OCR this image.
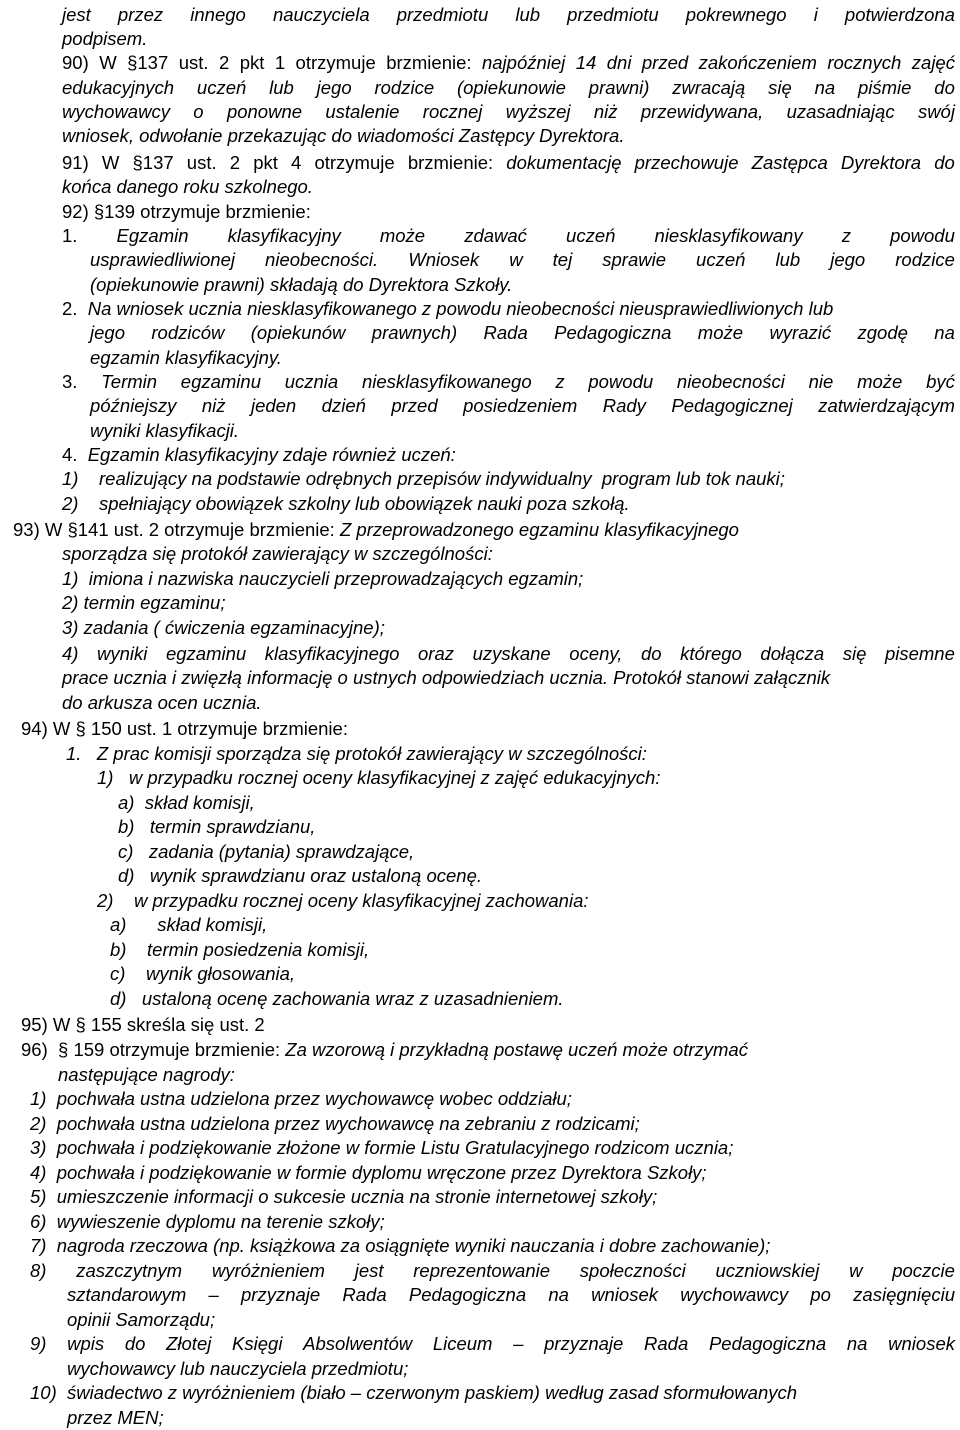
jest przez innego nauczyciela przedmiotu lub przedmiotu pokrewnego i potwierdzona
podpisem.
90) W §137 ust. 2 pkt 1 otrzymuje brzmienie: najpóźniej 14 dni przed zakończeniem rocznych zajęć
edukacyjnych uczeń lub jego rodzice (opiekunowie prawni) zwracają się na piśmie do
wychowawcy o ponowne ustalenie rocznej wyższej niż przewidywana, uzasadniając swój
wniosek, odwołanie przekazując do wiadomości Zastępcy Dyrektora.
91) W §137 ust. 2 pkt 4 otrzymuje brzmienie: dokumentację przechowuje Zastępca Dyrektora do
końca danego roku szkolnego.
92) §139 otrzymuje brzmienie:
1. Egzamin klasyfikacyjny może zdawać uczeń niesklasyfikowany z powodu
usprawiedliwionej nieobecności. Wniosek w tej sprawie uczeń lub jego rodzice
(opiekunowie prawni) składają do Dyrektora Szkoły.
2.  Na wniosek ucznia niesklasyfikowanego z powodu nieobecności nieusprawiedliwionych lub
jego rodziców (opiekunów prawnych) Rada Pedagogiczna może wyrazić zgodę na
egzamin klasyfikacyjny.
3. Termin egzaminu ucznia niesklasyfikowanego z powodu nieobecności nie może być
późniejszy niż jeden dzień przed posiedzeniem Rady Pedagogicznej zatwierdzającym
wyniki klasyfikacji.
4.  Egzamin klasyfikacyjny zdaje również uczeń:
1)    realizujący na podstawie odrębnych przepisów indywidualny  program lub tok nauki;
2)    spełniający obowiązek szkolny lub obowiązek nauki poza szkołą.
93) W §141 ust. 2 otrzymuje brzmienie: Z przeprowadzonego egzaminu klasyfikacyjnego
sporządza się protokół zawierający w szczególności:
1)  imiona i nazwiska nauczycieli przeprowadzających egzamin;
2) termin egzaminu;
3) zadania ( ćwiczenia egzaminacyjne);
4) wyniki egzaminu klasyfikacyjnego oraz uzyskane oceny, do którego dołącza się pisemne
prace ucznia i zwięzłą informację o ustnych odpowiedziach ucznia. Protokół stanowi załącznik
do arkusza ocen ucznia.
94) W § 150 ust. 1 otrzymuje brzmienie:
1.   Z prac komisji sporządza się protokół zawierający w szczególności:
1)   w przypadku rocznej oceny klasyfikacyjnej z zajęć edukacyjnych:
a)  skład komisji,
b)   termin sprawdzianu,
c)   zadania (pytania) sprawdzające,
d)   wynik sprawdzianu oraz ustaloną ocenę.
2)    w przypadku rocznej oceny klasyfikacyjnej zachowania:
a)      skład komisji,
b)    termin posiedzenia komisji,
c)    wynik głosowania,
d)   ustaloną ocenę zachowania wraz z uzasadnieniem.
95) W § 155 skreśla się ust. 2
96)  § 159 otrzymuje brzmienie: Za wzorową i przykładną postawę uczeń może otrzymać
następujące nagrody:
1)  pochwała ustna udzielona przez wychowawcę wobec oddziału;
2)  pochwała ustna udzielona przez wychowawcę na zebraniu z rodzicami;
3)  pochwała i podziękowanie złożone w formie Listu Gratulacyjnego rodzicom ucznia;
4)  pochwała i podziękowanie w formie dyplomu wręczone przez Dyrektora Szkoły;
5)  umieszczenie informacji o sukcesie ucznia na stronie internetowej szkoły;
6)  wywieszenie dyplomu na terenie szkoły;
7)  nagroda rzeczowa (np. książkowa za osiągnięte wyniki nauczania i dobre zachowanie);
8) zaszczytnym wyróżnieniem jest reprezentowanie społeczności uczniowskiej w poczcie
sztandarowym – przyznaje Rada Pedagogiczna na wniosek wychowawcy po zasięgnięciu
opinii Samorządu;
9) wpis do Złotej Księgi Absolwentów Liceum – przyznaje Rada Pedagogiczna na wniosek
wychowawcy lub nauczyciela przedmiotu;
10)  świadectwo z wyróżnieniem (biało – czerwonym paskiem) według zasad sformułowanych
przez MEN;
